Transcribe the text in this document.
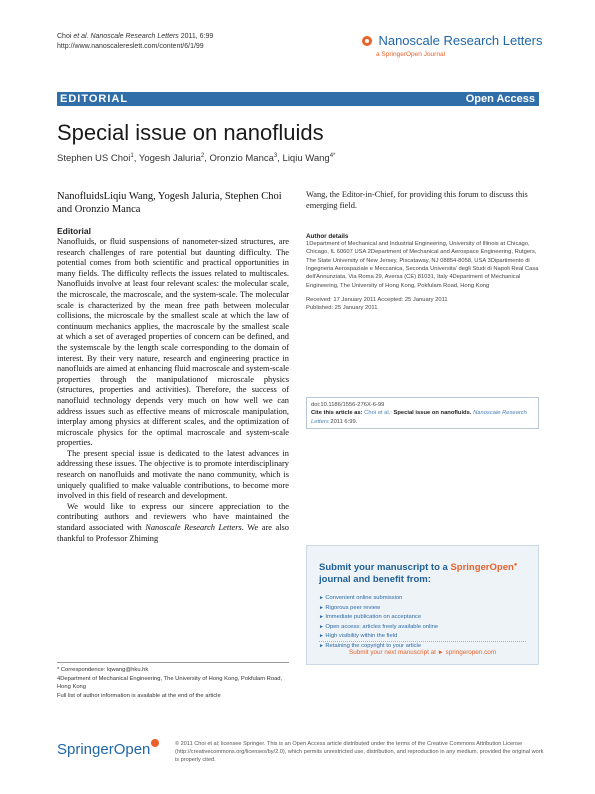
Choi et al. Nanoscale Research Letters 2011, 6:99
http://www.nanoscalereslett.com/content/6/1/99	Nanoscale Research Letters
a SpringerOpen Journal
EDITORIAL	Open Access
Special issue on nanofluids
Stephen US Choi$^1$, Yogesh Jaluria$^2$, Oronzio Manca$^3$, Liqiu Wang$^{4*}$

NanofluidsLiqiu Wang, Yogesh Jaluria, Stephen Choi and Oronzio Manca

Editorial

Nanofluids, or fluid suspensions of nanometer-sized structures, are research challenges of rare potential but daunting difficulty. The potential comes from both scientific and practical opportunities in many fields. The difficulty reflects the issues related to multiscales. Nanofluids involve at least four relevant scales: the molecular scale, the microscale, the macroscale, and the system-scale. The molecular scale is characterized by the mean free path between molecular collisions, the microscale by the smallest scale at which the law of continuum mechanics applies, the macroscale by the smallest scale at which a set of averaged properties of concern can be defined, and the systemscale by the length scale corresponding to the domain of interest. By their very nature, research and engineering practice in nanofluids are aimed at enhancing fluid macroscale and system-scale properties through the manipulationof microscale physics (structures, properties and activities). Therefore, the success of nanofluid technology depends very much on how well we can address issues such as effective means of microscale manipulation, interplay among physics at different scales, and the optimization of microscale physics for the optimal macroscale and system-scale properties.

The present special issue is dedicated to the latest advances in addressing these issues. The objective is to promote interdisciplinary research on nanofluids and motivate the nano community, which is uniquely qualified to make valuable contributions, to become more involved in this field of research and development.

We would like to express our sincere appreciation to the contributing authors and reviewers who have maintained the standard associated with Nanoscale Research Letters. We are also thankful to Professor Zhiming

Wang, the Editor-in-Chief, for providing this forum to discuss this emerging field.

Author details

1Department of Mechanical and Industrial Engineering, University of Illinois at Chicago, Chicago, IL 60607 USA 2Department of Mechanical and Aerospace Engineering, Rutgers, The State University of New Jersey, Piscataway, NJ 08854-8058, USA 3Dipartimento di Ingegneria Aerospaziale e Meccanica, Seconda Universita' degli Studi di Napoli Real Casa dell'Annunziata, Via Roma 29, Aversa (CE) 81031, Italy 4Department of Mechanical Engineering, The University of Hong Kong, Pokfulam Road, Hong Kong

Received: 17 January 2011 Accepted: 25 January 2011

Published: 25 January 2011

doi:10.1186/1556-276X-6-99

Cite this article as: Choi et al.: Special issue on nanofluids. Nanoscale Research Letters 2011 6:99.

Submit your manuscript to a SpringerOpen● journal and benefit from:
► Convenient online submission
► Rigorous peer review
► Immediate publication on acceptance
► Open access: articles freely available online
► High visibility within the field
► Retaining the copyright to your article
Submit your next manuscript at ► springeropen.com
* Correspondence: lqwang@hku.hk
4Department of Mechanical Engineering, The University of Hong Kong, Pokfulam Road, Hong Kong
Full list of author information is available at the end of the article
SpringerOpen	© 2011 Choi et al; licensee Springer. This is an Open Access article distributed under the terms of the Creative Commons Attribution License (http://creativecommons.org/licenses/by/2.0), which permits unrestricted use, distribution, and reproduction in any medium, provided the original work is properly cited.
